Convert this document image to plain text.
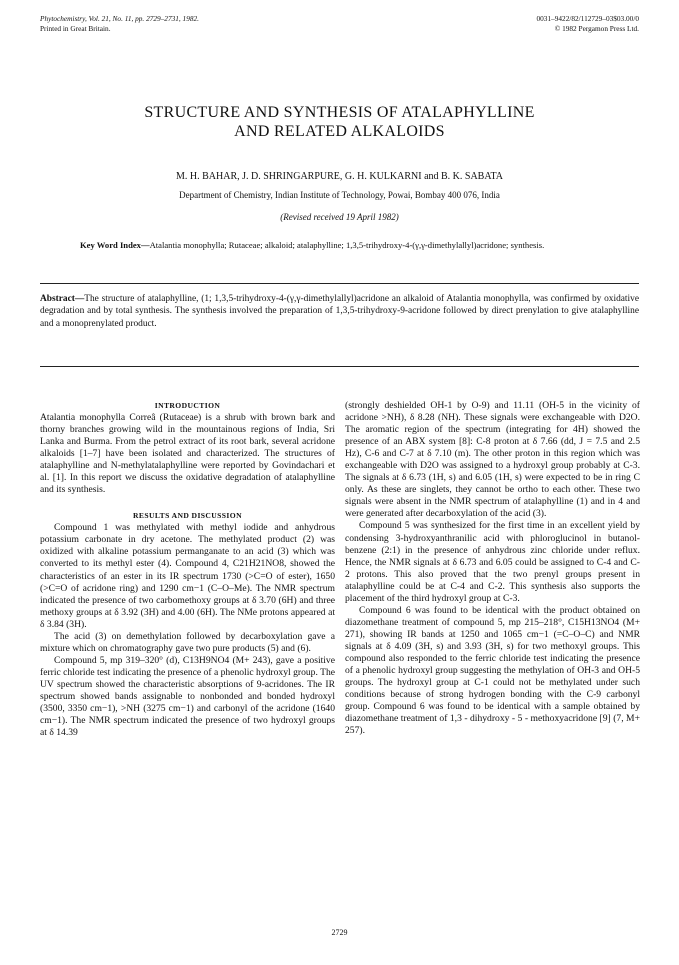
Phytochemistry, Vol. 21, No. 11, pp. 2729–2731, 1982.
Printed in Great Britain.
0031–9422/82/112729–03$03.00/0
© 1982 Pergamon Press Ltd.
STRUCTURE AND SYNTHESIS OF ATALAPHYLLINE
AND RELATED ALKALOIDS
M. H. BAHAR, J. D. SHRINGARPURE, G. H. KULKARNI and B. K. SABATA
Department of Chemistry, Indian Institute of Technology, Powai, Bombay 400 076, India
(Revised received 19 April 1982)
Key Word Index—Atalantia monophylla; Rutaceae; alkaloid; atalaphylline; 1,3,5-trihydroxy-4-(γ,γ-dimethylallyl)acridone; synthesis.
Abstract—The structure of atalaphylline, (1; 1,3,5-trihydroxy-4-(γ,γ-dimethylallyl)acridone an alkaloid of Atalantia monophylla, was confirmed by oxidative degradation and by total synthesis. The synthesis involved the preparation of 1,3,5-trihydroxy-9-acridone followed by direct prenylation to give atalaphylline and a monoprenylated product.
INTRODUCTION

Atalantia monophylla Correâ (Rutaceae) is a shrub with brown bark and thorny branches growing wild in the mountainous regions of India, Sri Lanka and Burma. From the petrol extract of its root bark, several acridone alkaloids [1–7] have been isolated and characterized. The structures of atalaphylline and N-methylatalaphylline were reported by Govindachari et al. [1]. In this report we discuss the oxidative degradation of atalaphylline and its synthesis.

RESULTS AND DISCUSSION

Compound 1 was methylated with methyl iodide and anhydrous potassium carbonate in dry acetone. The methylated product (2) was oxidized with alkaline potassium permanganate to an acid (3) which was converted to its methyl ester (4). Compound 4, C21H21NO8, showed the characteristics of an ester in its IR spectrum 1730 (>C=O of ester), 1650 (>C=O of acridone ring) and 1290 cm−1 (C–O–Me). The NMR spectrum indicated the presence of two carbomethoxy groups at δ 3.70 (6H) and three methoxy groups at δ 3.92 (3H) and 4.00 (6H). The NMe protons appeared at δ 3.84 (3H).

The acid (3) on demethylation followed by decarboxylation gave a mixture which on chromatography gave two pure products (5) and (6).

Compound 5, mp 319–320° (d), C13H9NO4 (M+ 243), gave a positive ferric chloride test indicating the presence of a phenolic hydroxyl group. The UV spectrum showed the characteristic absorptions of 9-acridones. The IR spectrum showed bands assignable to nonbonded and bonded hydroxyl (3500, 3350 cm−1), >NH (3275 cm−1) and carbonyl of the acridone (1640 cm−1). The NMR spectrum indicated the presence of two hydroxyl groups at δ 14.39

(strongly deshielded OH-1 by O-9) and 11.11 (OH-5 in the vicinity of acridone >NH), δ 8.28 (NH). These signals were exchangeable with D2O. The aromatic region of the spectrum (integrating for 4H) showed the presence of an ABX system [8]: C-8 proton at δ 7.66 (dd, J = 7.5 and 2.5 Hz), C-6 and C-7 at δ 7.10 (m). The other proton in this region which was exchangeable with D2O was assigned to a hydroxyl group probably at C-3. The signals at δ 6.73 (1H, s) and 6.05 (1H, s) were expected to be in ring C only. As these are singlets, they cannot be ortho to each other. These two signals were absent in the NMR spectrum of atalaphylline (1) and in 4 and were generated after decarboxylation of the acid (3).

Compound 5 was synthesized for the first time in an excellent yield by condensing 3-hydroxyanthranilic acid with phloroglucinol in butanol-benzene (2:1) in the presence of anhydrous zinc chloride under reflux. Hence, the NMR signals at δ 6.73 and 6.05 could be assigned to C-4 and C-2 protons. This also proved that the two prenyl groups present in atalaphylline could be at C-4 and C-2. This synthesis also supports the placement of the third hydroxyl group at C-3.

Compound 6 was found to be identical with the product obtained on diazomethane treatment of compound 5, mp 215–218°, C15H13NO4 (M+ 271), showing IR bands at 1250 and 1065 cm−1 (=C–O–C) and NMR signals at δ 4.09 (3H, s) and 3.93 (3H, s) for two methoxyl groups. This compound also responded to the ferric chloride test indicating the presence of a phenolic hydroxyl group suggesting the methylation of OH-3 and OH-5 groups. The hydroxyl group at C-1 could not be methylated under such conditions because of strong hydrogen bonding with the C-9 carbonyl group. Compound 6 was found to be identical with a sample obtained by diazomethane treatment of 1,3 - dihydroxy - 5 - methoxyacridone [9] (7, M+ 257).

2729
